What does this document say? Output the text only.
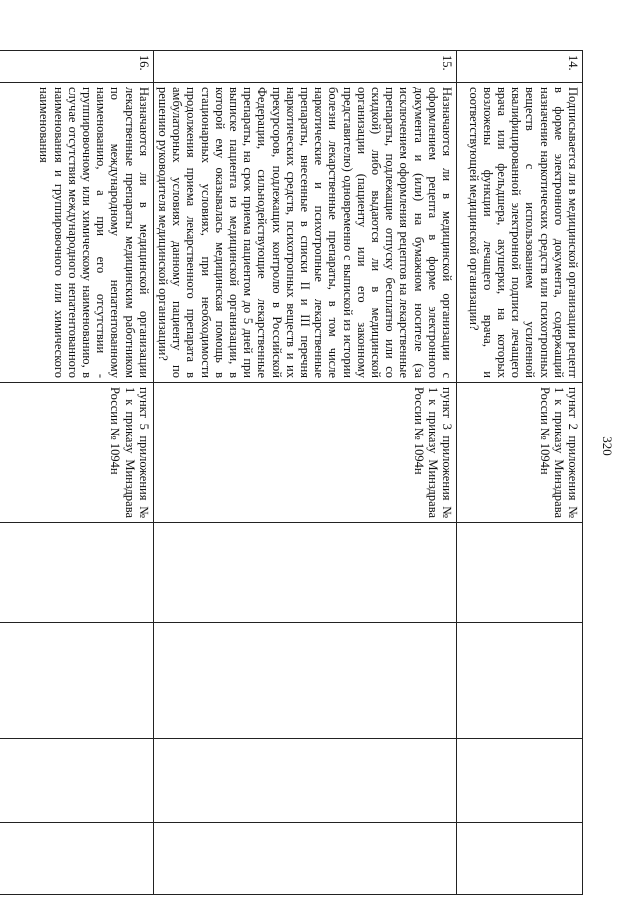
320
14.	Подписывается ли в медицинской организации рецепт в форме электронного документа, содержащий назначение наркотических средств или психотропных веществ с использованием усиленной квалифицированной электронной подписи лечащего врача или фельдшера, акушерки, на которых возложены функции лечащего врача, и соответствующей медицинской организации?	пункт 2 приложения № 1 к приказу Минздрава России № 1094н				

15.	Назначаются ли в медицинской организации с оформлением рецепта в форме электронного документа и (или) на бумажном носителе (за исключением оформления рецептов на лекарственные препараты, подлежащие отпуску бесплатно или со скидкой) либо выдаются ли в медицинской организации (пациенту или его законному представителю) одновременно с выпиской из истории болезни лекарственные препараты, в том числе наркотические и психотропные лекарственные препараты, внесенные в списки II и III перечня наркотических средств, психотропных веществ и их прекурсоров, подлежащих контролю в Российской Федерации, сильнодействующие лекарственные препараты, на срок приема пациентом до 5 дней при выписке пациента из медицинской организации, в которой ему оказывалась медицинская помощь в стационарных условиях, при необходимости продолжения приема лекарственного препарата в амбулаторных условиях данному пациенту по решению руководителя медицинской организации?	пункт 3 приложения № 1 к приказу Минздрава России № 1094н				

16.	Назначаются ли в медицинской организации лекарственные препараты медицинским работником по международному непатентованному наименованию, а при его отсутствии - группировочному или химическому наименованию, в случае отсутствия международного непатентованного наименования и группировочного или химического наименования	пункт 5 приложения № 1 к приказу Минздрава России № 1094н				
